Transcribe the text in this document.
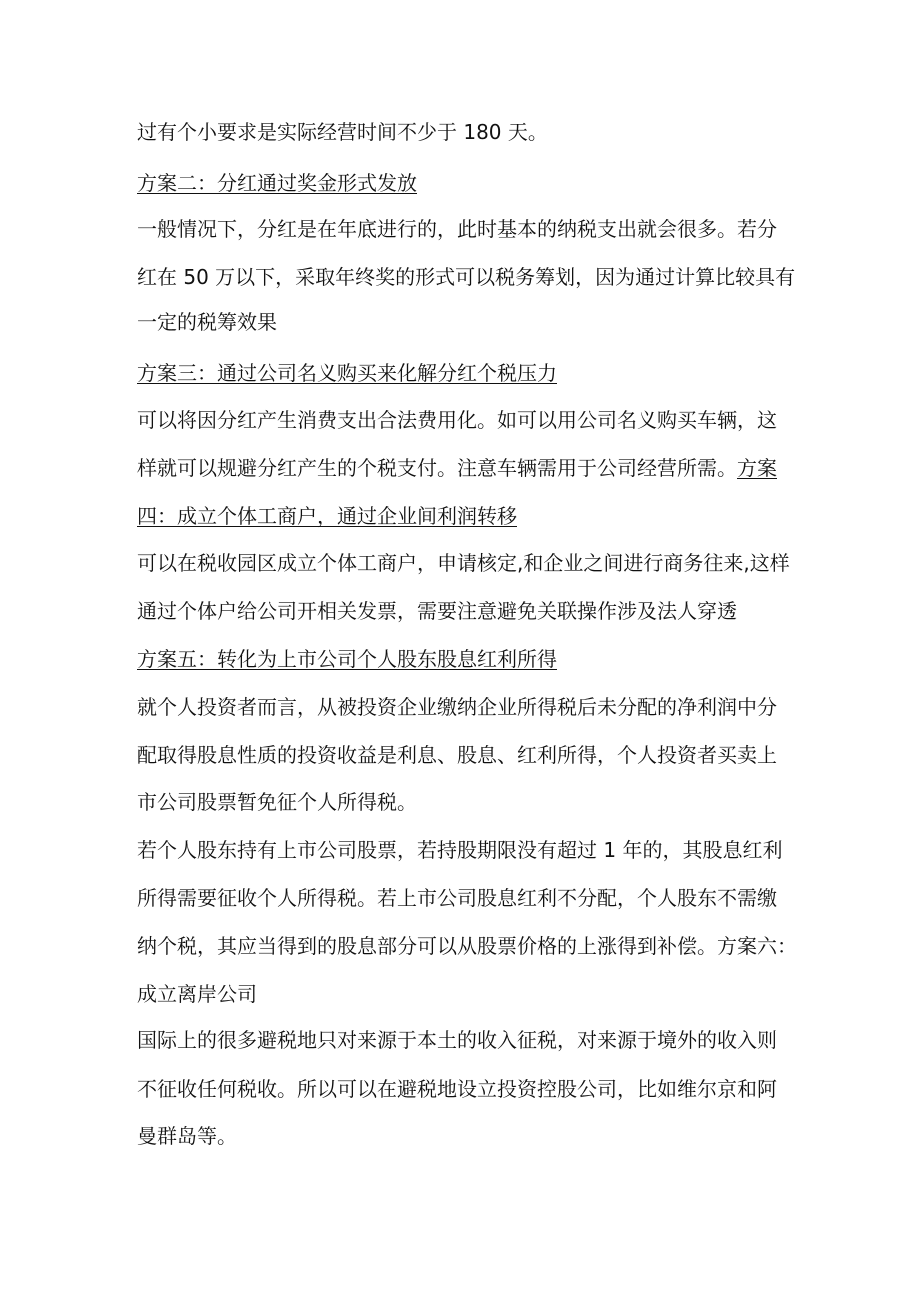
过有个小要求是实际经营时间不少于 180 天。
方案二：分红通过奖金形式发放
一般情况下，分红是在年底进行的，此时基本的纳税支出就会很多。若分
红在 50 万以下，采取年终奖的形式可以税务筹划，因为通过计算比较具有
一定的税筹效果
方案三：通过公司名义购买来化解分红个税压力
可以将因分红产生消费支出合法费用化。如可以用公司名义购买车辆，这
样就可以规避分红产生的个税支付。注意车辆需用于公司经营所需。方案
四：成立个体工商户，通过企业间利润转移
可以在税收园区成立个体工商户，申请核定,和企业之间进行商务往来,这样
通过个体户给公司开相关发票，需要注意避免关联操作涉及法人穿透
方案五：转化为上市公司个人股东股息红利所得
就个人投资者而言，从被投资企业缴纳企业所得税后未分配的净利润中分
配取得股息性质的投资收益是利息、股息、红利所得，个人投资者买卖上
市公司股票暂免征个人所得税。
若个人股东持有上市公司股票，若持股期限没有超过 1 年的，其股息红利
所得需要征收个人所得税。若上市公司股息红利不分配，个人股东不需缴
纳个税，其应当得到的股息部分可以从股票价格的上涨得到补偿。方案六：
成立离岸公司
国际上的很多避税地只对来源于本土的收入征税，对来源于境外的收入则
不征收任何税收。所以可以在避税地设立投资控股公司，比如维尔京和阿
曼群岛等。
